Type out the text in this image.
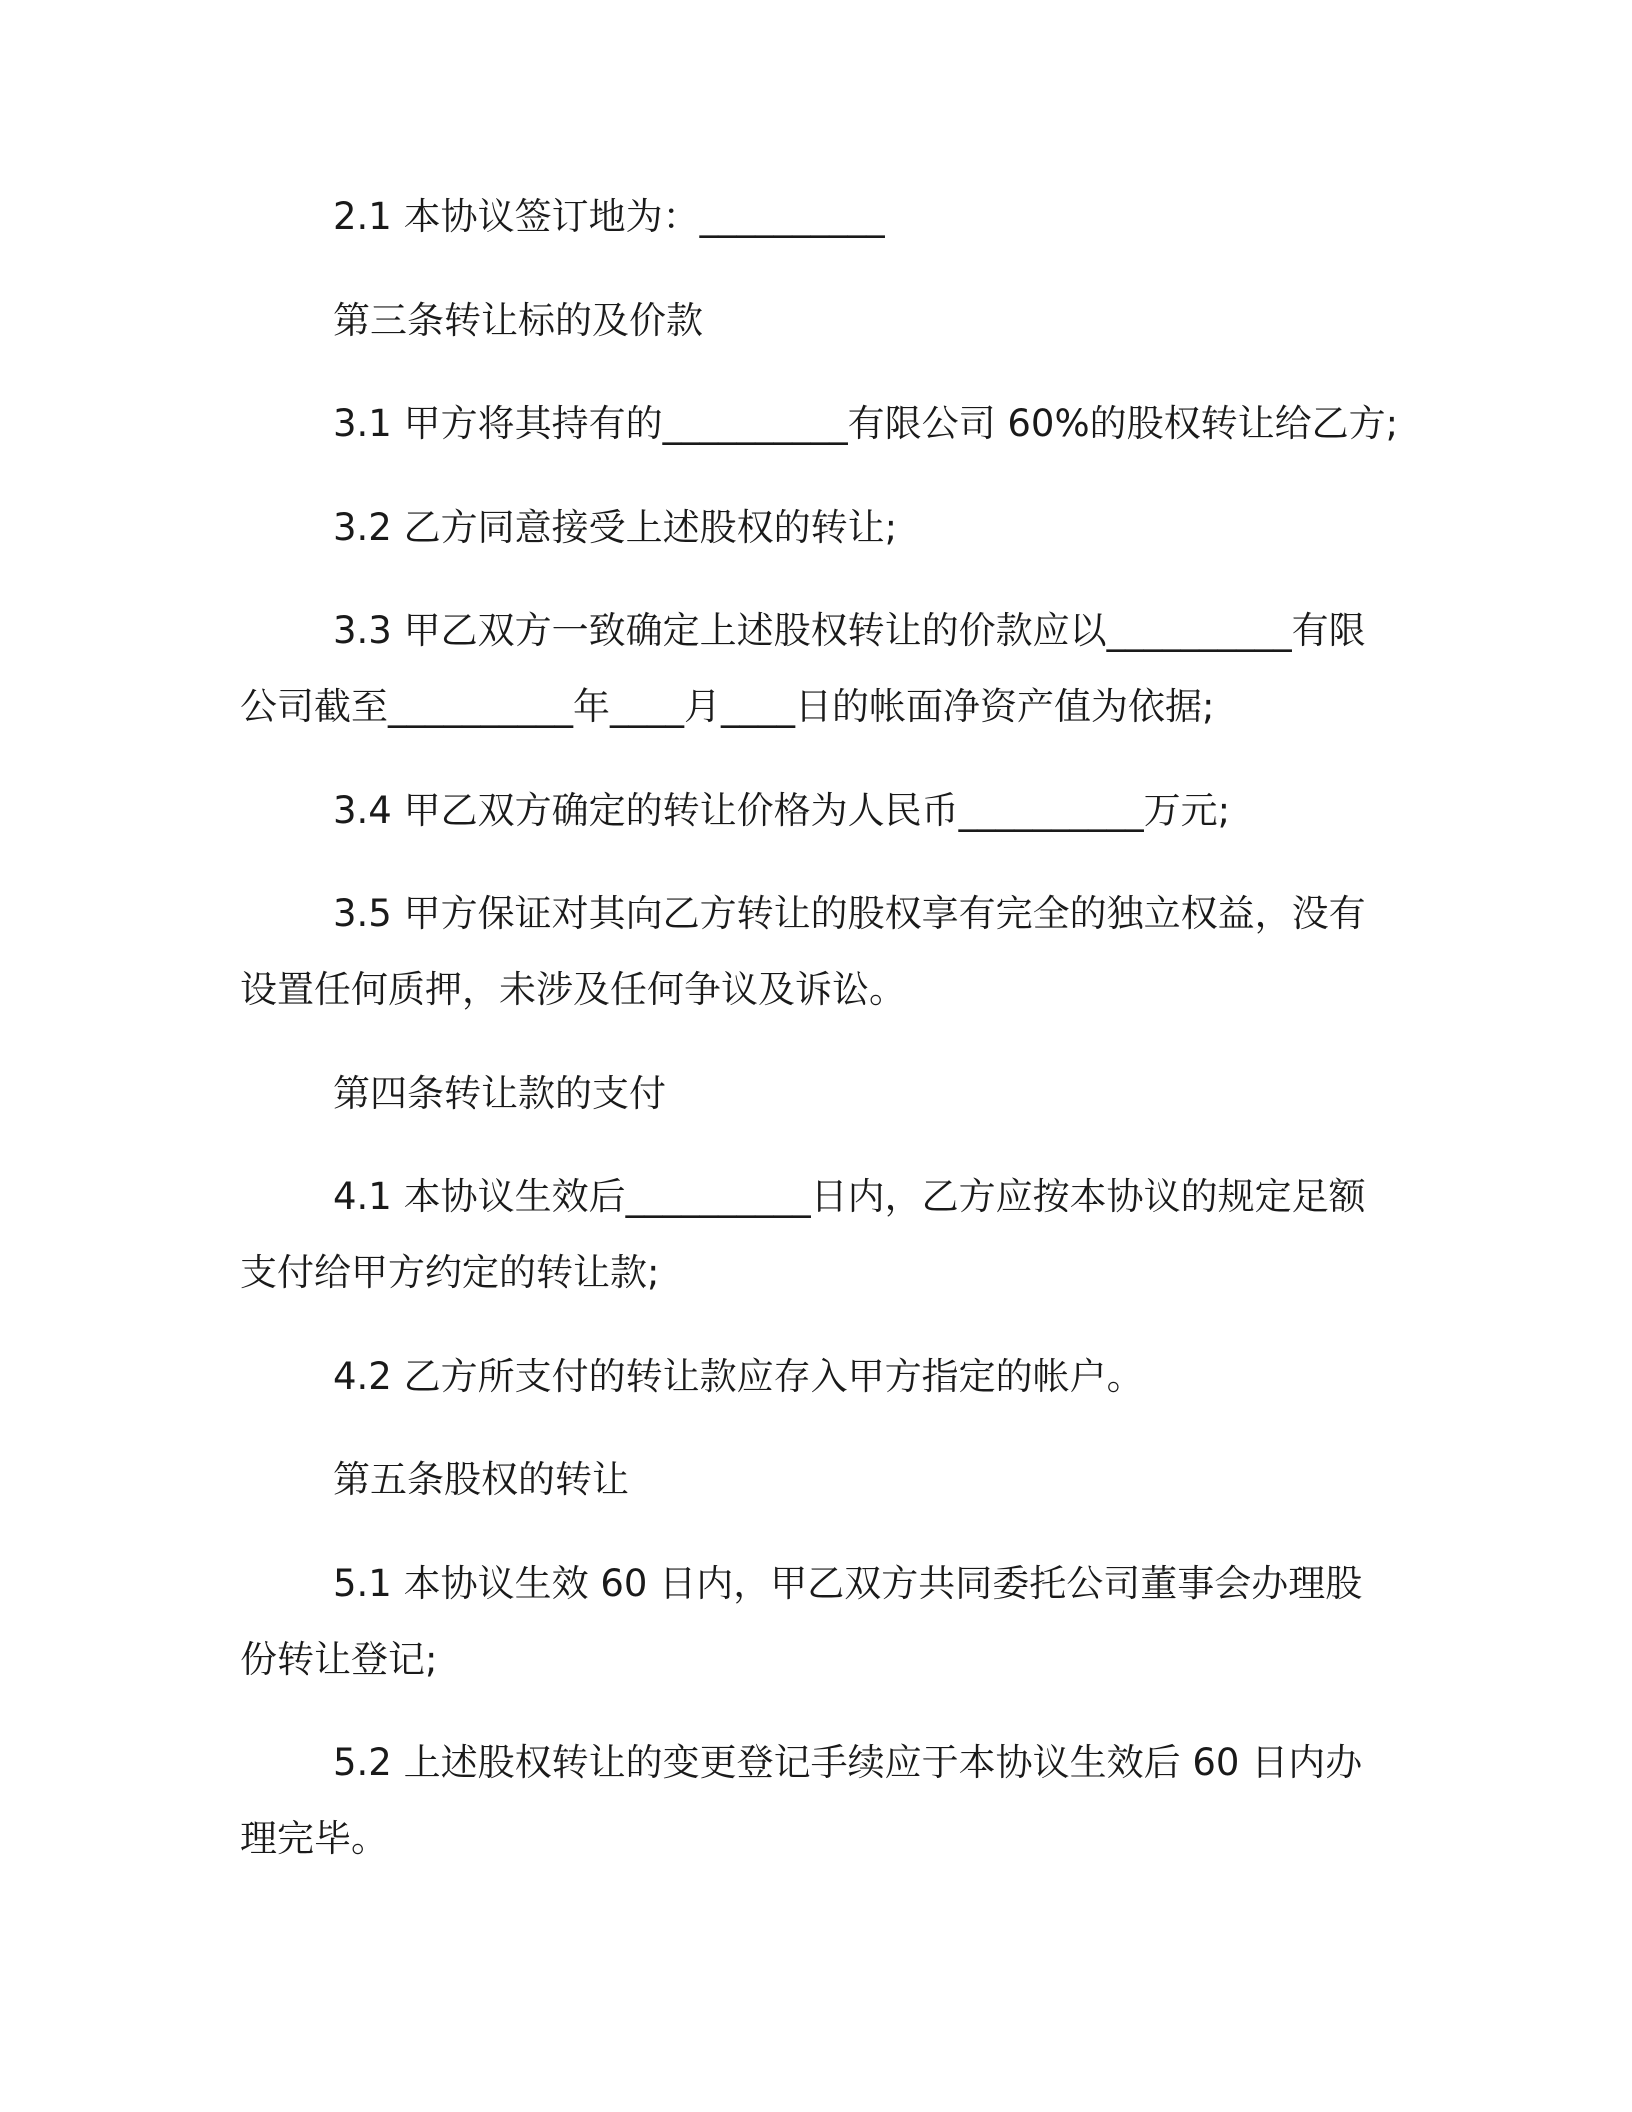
2.1 本协议签订地为：__________
第三条转让标的及价款
3.1 甲方将其持有的__________有限公司 60%的股权转让给乙方;
3.2 乙方同意接受上述股权的转让;
3.3 甲乙双方一致确定上述股权转让的价款应以__________有限
公司截至__________年____月____日的帐面净资产值为依据;
3.4 甲乙双方确定的转让价格为人民币__________万元;
3.5 甲方保证对其向乙方转让的股权享有完全的独立权益，没有
设置任何质押，未涉及任何争议及诉讼。
第四条转让款的支付
4.1 本协议生效后__________日内，乙方应按本协议的规定足额
支付给甲方约定的转让款;
4.2 乙方所支付的转让款应存入甲方指定的帐户。
第五条股权的转让
5.1 本协议生效 60 日内，甲乙双方共同委托公司董事会办理股
份转让登记;
5.2 上述股权转让的变更登记手续应于本协议生效后 60 日内办
理完毕。
